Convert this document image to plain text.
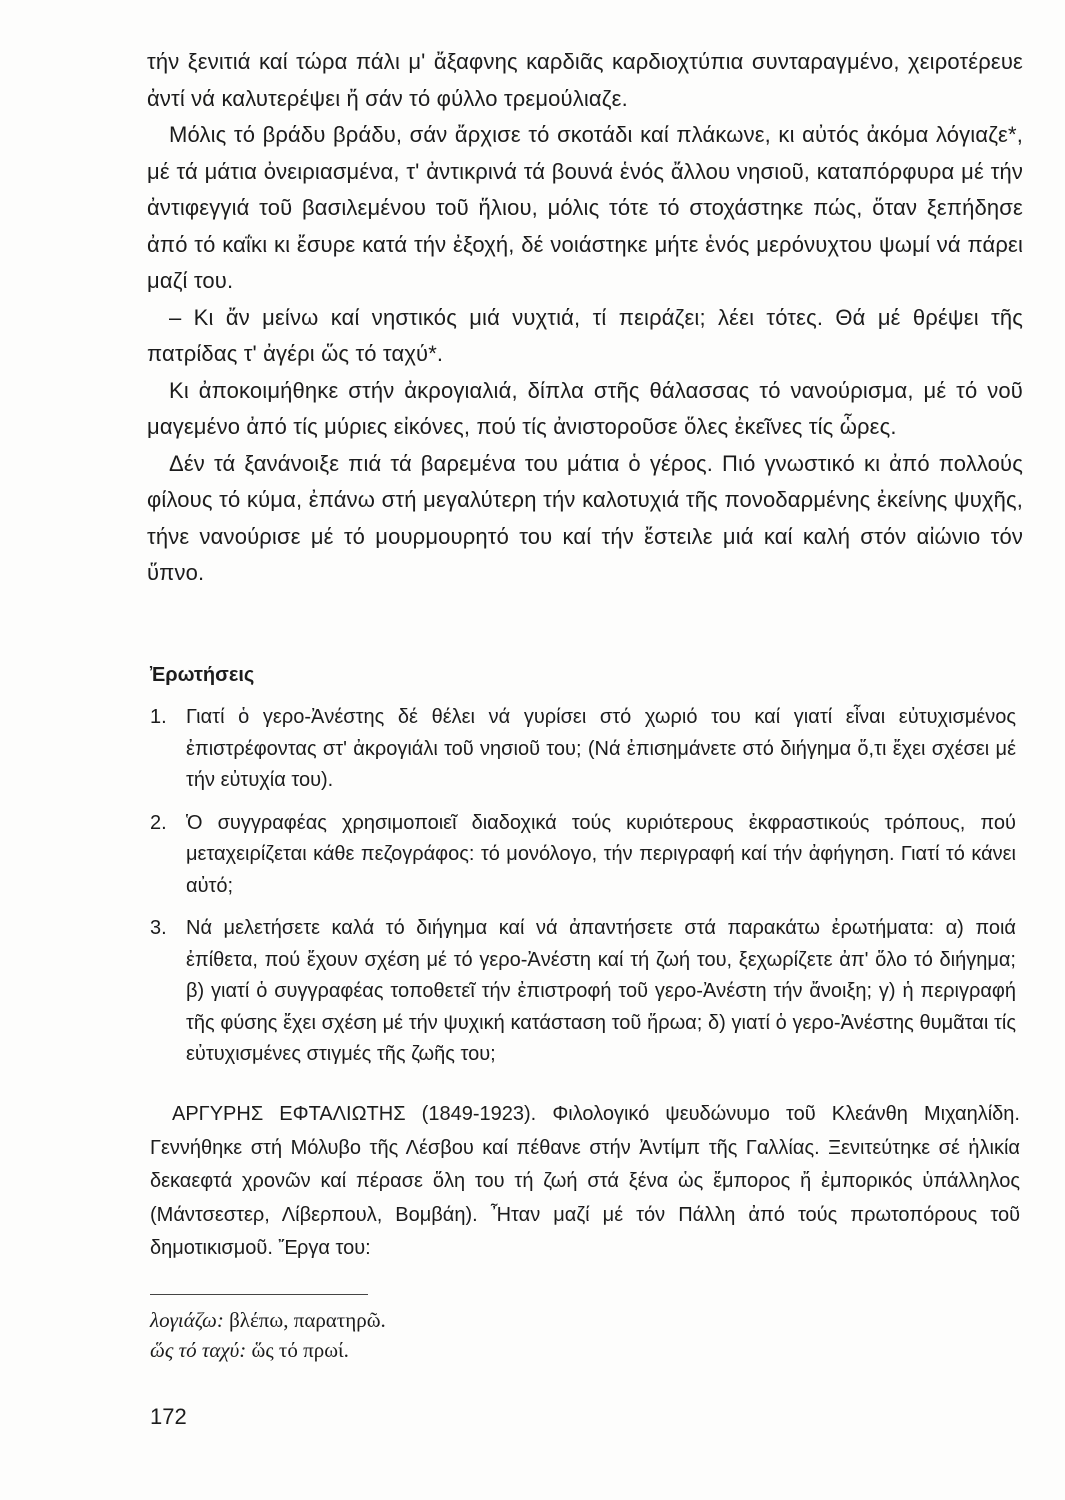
τήν ξενιτιά καί τώρα πάλι μ' ἄξαφνης καρδιᾶς καρδιοχτύπια συνταραγμένο, χειροτέρευε ἀντί νά καλυτερέψει ἤ σάν τό φύλλο τρεμούλιαζε.

Μόλις τό βράδυ βράδυ, σάν ἄρχισε τό σκοτάδι καί πλάκωνε, κι αὐτός ἀκόμα λόγιαζε*, μέ τά μάτια ὀνειριασμένα, τ' ἀντικρινά τά βουνά ἑνός ἄλλου νησιοῦ, καταπόρφυρα μέ τήν ἀντιφεγγιά τοῦ βασιλεμένου τοῦ ἥλιου, μόλις τότε τό στοχάστηκε πώς, ὅταν ξεπήδησε ἀπό τό καΐκι κι ἔσυρε κατά τήν ἐξοχή, δέ νοιάστηκε μήτε ἑνός μερόνυχτου ψωμί νά πάρει μαζί του.

– Κι ἄν μείνω καί νηστικός μιά νυχτιά, τί πειράζει; λέει τότες. Θά μέ θρέψει τῆς πατρίδας τ' ἀγέρι ὥς τό ταχύ*.

Κι ἀποκοιμήθηκε στήν ἀκρογιαλιά, δίπλα στῆς θάλασσας τό νανούρισμα, μέ τό νοῦ μαγεμένο ἀπό τίς μύριες εἰκόνες, πού τίς ἀνιστοροῦσε ὅλες ἐκεῖνες τίς ὧρες.

Δέν τά ξανάνοιξε πιά τά βαρεμένα του μάτια ὁ γέρος. Πιό γνωστικό κι ἀπό πολλούς φίλους τό κύμα, ἐπάνω στή μεγαλύτερη τήν καλοτυχιά τῆς πονοδαρμένης ἐκείνης ψυχῆς, τήνε νανούρισε μέ τό μουρμουρητό του καί τήν ἔστειλε μιά καί καλή στόν αἰώνιο τόν ὕπνο.

Ἐρωτήσεις
1. Γιατί ὁ γερο-Ἀνέστης δέ θέλει νά γυρίσει στό χωριό του καί γιατί εἶναι εὐτυχισμένος ἐπιστρέφοντας στ' ἀκρογιάλι τοῦ νησιοῦ του; (Νά ἐπισημάνετε στό διήγημα ὅ,τι ἔχει σχέσει μέ τήν εὐτυχία του).
2. Ὁ συγγραφέας χρησιμοποιεῖ διαδοχικά τούς κυριότερους ἐκφραστικούς τρόπους, πού μεταχειρίζεται κάθε πεζογράφος: τό μονόλογο, τήν περιγραφή καί τήν ἀφήγηση. Γιατί τό κάνει αὐτό;
3. Νά μελετήσετε καλά τό διήγημα καί νά ἀπαντήσετε στά παρακάτω ἐρωτήματα: α) ποιά ἐπίθετα, πού ἔχουν σχέση μέ τό γερο-Ἀνέστη καί τή ζωή του, ξεχωρίζετε ἀπ' ὅλο τό διήγημα; β) γιατί ὁ συγγραφέας τοποθετεῖ τήν ἐπιστροφή τοῦ γερο-Ἀνέστη τήν ἄνοιξη; γ) ἡ περιγραφή τῆς φύσης ἔχει σχέση μέ τήν ψυχική κατάσταση τοῦ ἥρωα; δ) γιατί ὁ γερο-Ἀνέστης θυμᾶται τίς εὐτυχισμένες στιγμές τῆς ζωῆς του;

ΑΡΓΥΡΗΣ ΕΦΤΑΛΙΩΤΗΣ (1849-1923). Φιλολογικό ψευδώνυμο τοῦ Κλεάνθη Μιχαηλίδη. Γεννήθηκε στή Μόλυβο τῆς Λέσβου καί πέθανε στήν Ἀντίμπ τῆς Γαλλίας. Ξενιτεύτηκε σέ ἡλικία δεκαεφτά χρονῶν καί πέρασε ὅλη του τή ζωή στά ξένα ὡς ἔμπορος ἤ ἐμπορικός ὑπάλληλος (Μάντσεστερ, Λίβερπουλ, Βομβάη). Ἦταν μαζί μέ τόν Πάλλη ἀπό τούς πρωτοπόρους τοῦ δημοτικισμοῦ. Ἔργα του:

λογιάζω: βλέπω, παρατηρῶ.
ὥς τό ταχύ: ὥς τό πρωί.
172
